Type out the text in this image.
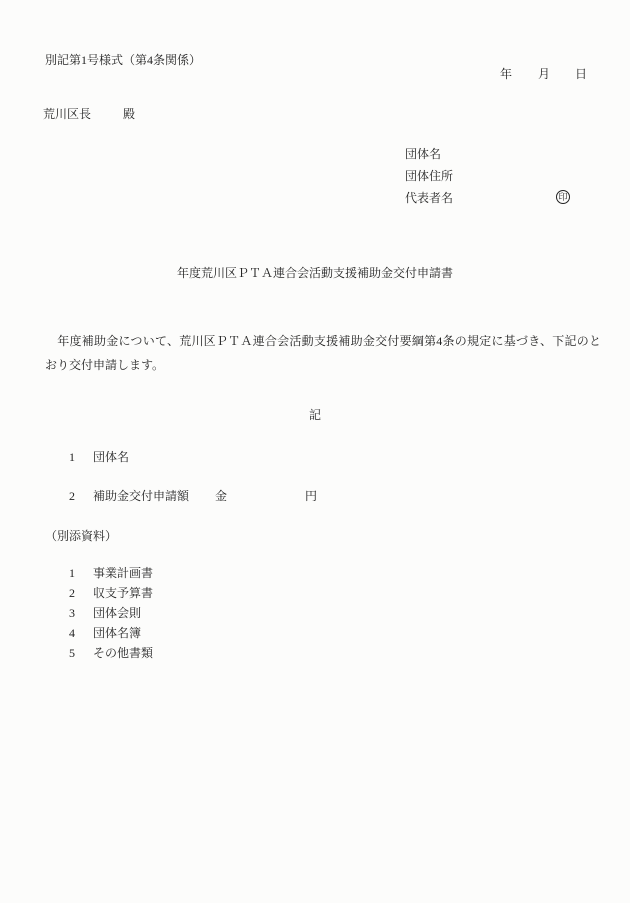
別記第1号様式（第4条関係）
年 月 日
荒川区長	殿
団体名
団体住所
代表者名	印
年度荒川区ＰＴＡ連合会活動支援補助金交付申請書
　年度補助金について、荒川区ＰＴＡ連合会活動支援補助金交付要綱第4条の規定に基づき、下記のとおり交付申請します。
記
1 団体名
2 補助金交付申請額 金	円
（別添資料）
1 事業計画書
2 収支予算書
3 団体会則
4 団体名簿
5 その他書類
